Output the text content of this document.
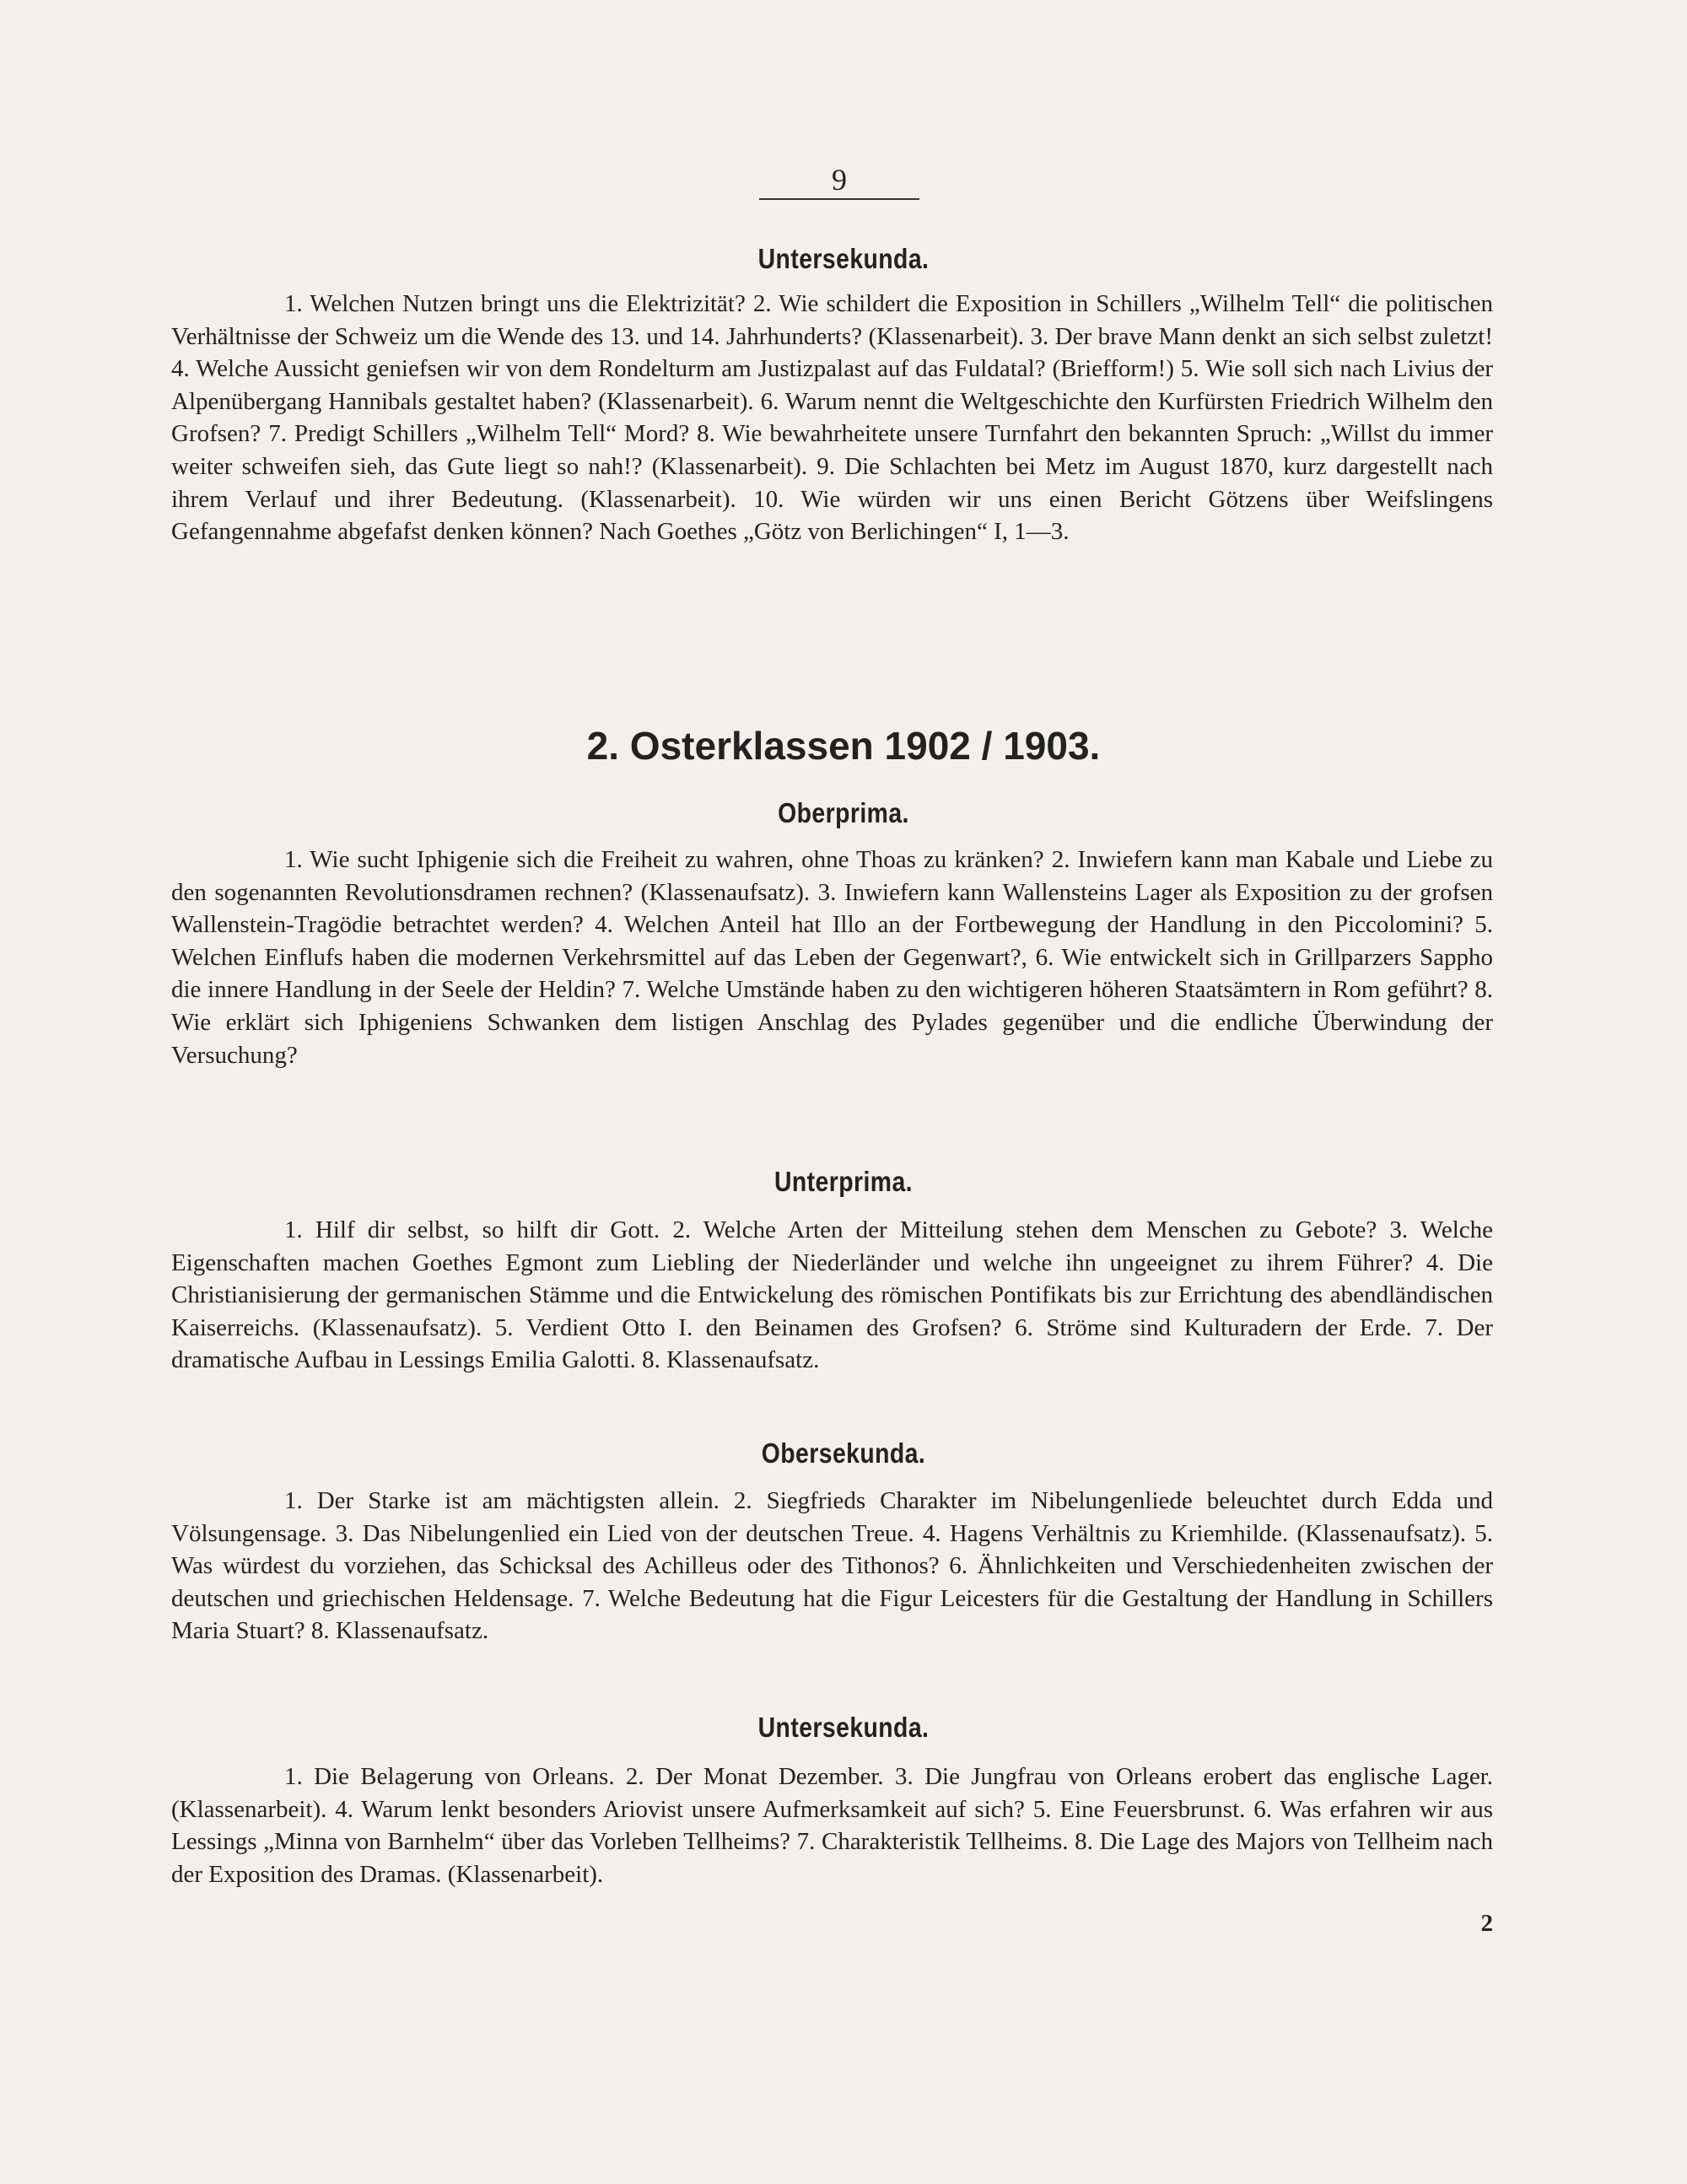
9
Untersekunda.

1. Welchen Nutzen bringt uns die Elektrizität? 2. Wie schildert die Exposition in Schillers „Wilhelm Tell“ die politischen Verhältnisse der Schweiz um die Wende des 13. und 14. Jahrhunderts? (Klassenarbeit). 3. Der brave Mann denkt an sich selbst zuletzt! 4. Welche Aussicht geniefsen wir von dem Rondelturm am Justizpalast auf das Fuldatal? (Briefform!) 5. Wie soll sich nach Livius der Alpenübergang Hannibals gestaltet haben? (Klassenarbeit). 6. Warum nennt die Weltgeschichte den Kurfürsten Friedrich Wilhelm den Grofsen? 7. Predigt Schillers „Wilhelm Tell“ Mord? 8. Wie bewahrheitete unsere Turnfahrt den bekannten Spruch: „Willst du immer weiter schweifen sieh, das Gute liegt so nah!? (Klassenarbeit). 9. Die Schlachten bei Metz im August 1870, kurz dargestellt nach ihrem Verlauf und ihrer Bedeutung. (Klassenarbeit). 10. Wie würden wir uns einen Bericht Götzens über Weifslingens Gefangennahme abgefafst denken können? Nach Goethes „Götz von Berlichingen“ I, 1—3.

2. Osterklassen 1902 / 1903.
Oberprima.

1. Wie sucht Iphigenie sich die Freiheit zu wahren, ohne Thoas zu kränken? 2. Inwiefern kann man Kabale und Liebe zu den sogenannten Revolutionsdramen rechnen? (Klassenaufsatz). 3. Inwiefern kann Wallensteins Lager als Exposition zu der grofsen Wallenstein-Tragödie betrachtet werden? 4. Welchen Anteil hat Illo an der Fortbewegung der Handlung in den Piccolomini? 5. Welchen Einflufs haben die modernen Verkehrsmittel auf das Leben der Gegenwart?, 6. Wie entwickelt sich in Grillparzers Sappho die innere Handlung in der Seele der Heldin? 7. Welche Umstände haben zu den wichtigeren höheren Staatsämtern in Rom geführt? 8. Wie erklärt sich Iphigeniens Schwanken dem listigen Anschlag des Pylades gegenüber und die endliche Überwindung der Versuchung?

Unterprima.

1. Hilf dir selbst, so hilft dir Gott. 2. Welche Arten der Mitteilung stehen dem Menschen zu Gebote? 3. Welche Eigenschaften machen Goethes Egmont zum Liebling der Niederländer und welche ihn ungeeignet zu ihrem Führer? 4. Die Christianisierung der germanischen Stämme und die Entwickelung des römischen Pontifikats bis zur Errichtung des abendländischen Kaiserreichs. (Klassenaufsatz). 5. Verdient Otto I. den Beinamen des Grofsen? 6. Ströme sind Kulturadern der Erde. 7. Der dramatische Aufbau in Lessings Emilia Galotti. 8. Klassenaufsatz.

Obersekunda.

1. Der Starke ist am mächtigsten allein. 2. Siegfrieds Charakter im Nibelungenliede beleuchtet durch Edda und Völsungensage. 3. Das Nibelungenlied ein Lied von der deutschen Treue. 4. Hagens Verhältnis zu Kriemhilde. (Klassenaufsatz). 5. Was würdest du vorziehen, das Schicksal des Achilleus oder des Tithonos? 6. Ähnlichkeiten und Verschiedenheiten zwischen der deutschen und griechischen Heldensage. 7. Welche Bedeutung hat die Figur Leicesters für die Gestaltung der Handlung in Schillers Maria Stuart? 8. Klassenaufsatz.

Untersekunda.

1. Die Belagerung von Orleans. 2. Der Monat Dezember. 3. Die Jungfrau von Orleans erobert das englische Lager. (Klassenarbeit). 4. Warum lenkt besonders Ariovist unsere Aufmerksamkeit auf sich? 5. Eine Feuersbrunst. 6. Was erfahren wir aus Lessings „Minna von Barnhelm“ über das Vorleben Tellheims? 7. Charakteristik Tellheims. 8. Die Lage des Majors von Tellheim nach der Exposition des Dramas. (Klassenarbeit).

2
